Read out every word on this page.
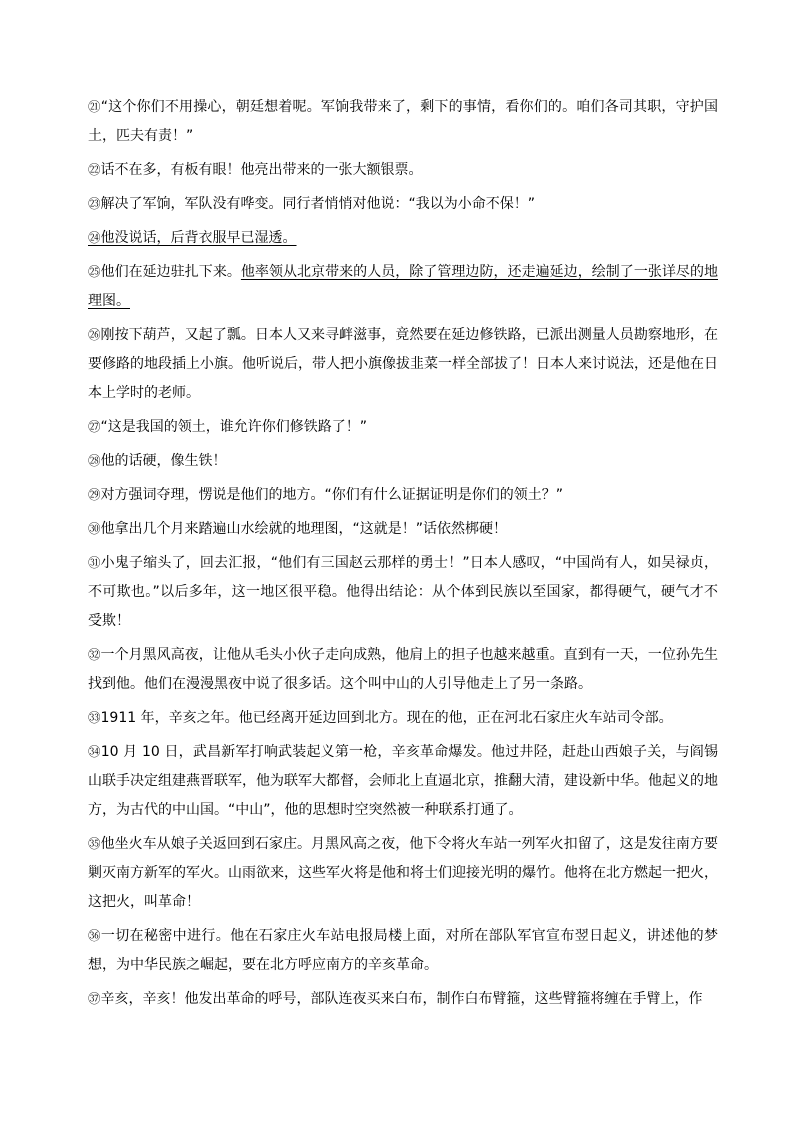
㉑“这个你们不用操心，朝廷想着呢。军饷我带来了，剩下的事情，看你们的。咱们各司其职，守护国土，匹夫有责！”

㉒话不在多，有板有眼！他亮出带来的一张大额银票。

㉓解决了军饷，军队没有哗变。同行者悄悄对他说：“我以为小命不保！”

㉔他没说话，后背衣服早已湿透。

㉕他们在延边驻扎下来。他率领从北京带来的人员，除了管理边防，还走遍延边，绘制了一张详尽的地理图。

㉖刚按下葫芦，又起了瓢。日本人又来寻衅滋事，竟然要在延边修铁路，已派出测量人员勘察地形，在要修路的地段插上小旗。他听说后，带人把小旗像拔韭菜一样全部拔了！日本人来讨说法，还是他在日本上学时的老师。

㉗“这是我国的领土，谁允许你们修铁路了！”

㉘他的话硬，像生铁！

㉙对方强词夺理，愣说是他们的地方。“你们有什么证据证明是你们的领土？”

㉚他拿出几个月来踏遍山水绘就的地理图，“这就是！”话依然梆硬！

㉛小鬼子缩头了，回去汇报，“他们有三国赵云那样的勇士！”日本人感叹，“中国尚有人，如吴禄贞，不可欺也。”以后多年，这一地区很平稳。他得出结论：从个体到民族以至国家，都得硬气，硬气才不受欺！

㉜一个月黑风高夜，让他从毛头小伙子走向成熟，他肩上的担子也越来越重。直到有一天，一位孙先生找到他。他们在漫漫黑夜中说了很多话。这个叫中山的人引导他走上了另一条路。

㉝1911 年，辛亥之年。他已经离开延边回到北方。现在的他，正在河北石家庄火车站司令部。

㉞10 月 10 日，武昌新军打响武装起义第一枪，辛亥革命爆发。他过井陉，赶赴山西娘子关，与阎锡山联手决定组建燕晋联军，他为联军大都督，会师北上直逼北京，推翻大清，建设新中华。他起义的地方，为古代的中山国。“中山”，他的思想时空突然被一种联系打通了。

㉟他坐火车从娘子关返回到石家庄。月黑风高之夜，他下令将火车站一列军火扣留了，这是发往南方要剿灭南方新军的军火。山雨欲来，这些军火将是他和将士们迎接光明的爆竹。他将在北方燃起一把火，这把火，叫革命！

㊱一切在秘密中进行。他在石家庄火车站电报局楼上面，对所在部队军官宣布翌日起义，讲述他的梦想，为中华民族之崛起，要在北方呼应南方的辛亥革命。

㊲辛亥，辛亥！他发出革命的呼号，部队连夜买来白布，制作白布臂箍，这些臂箍将缠在手臂上，作
